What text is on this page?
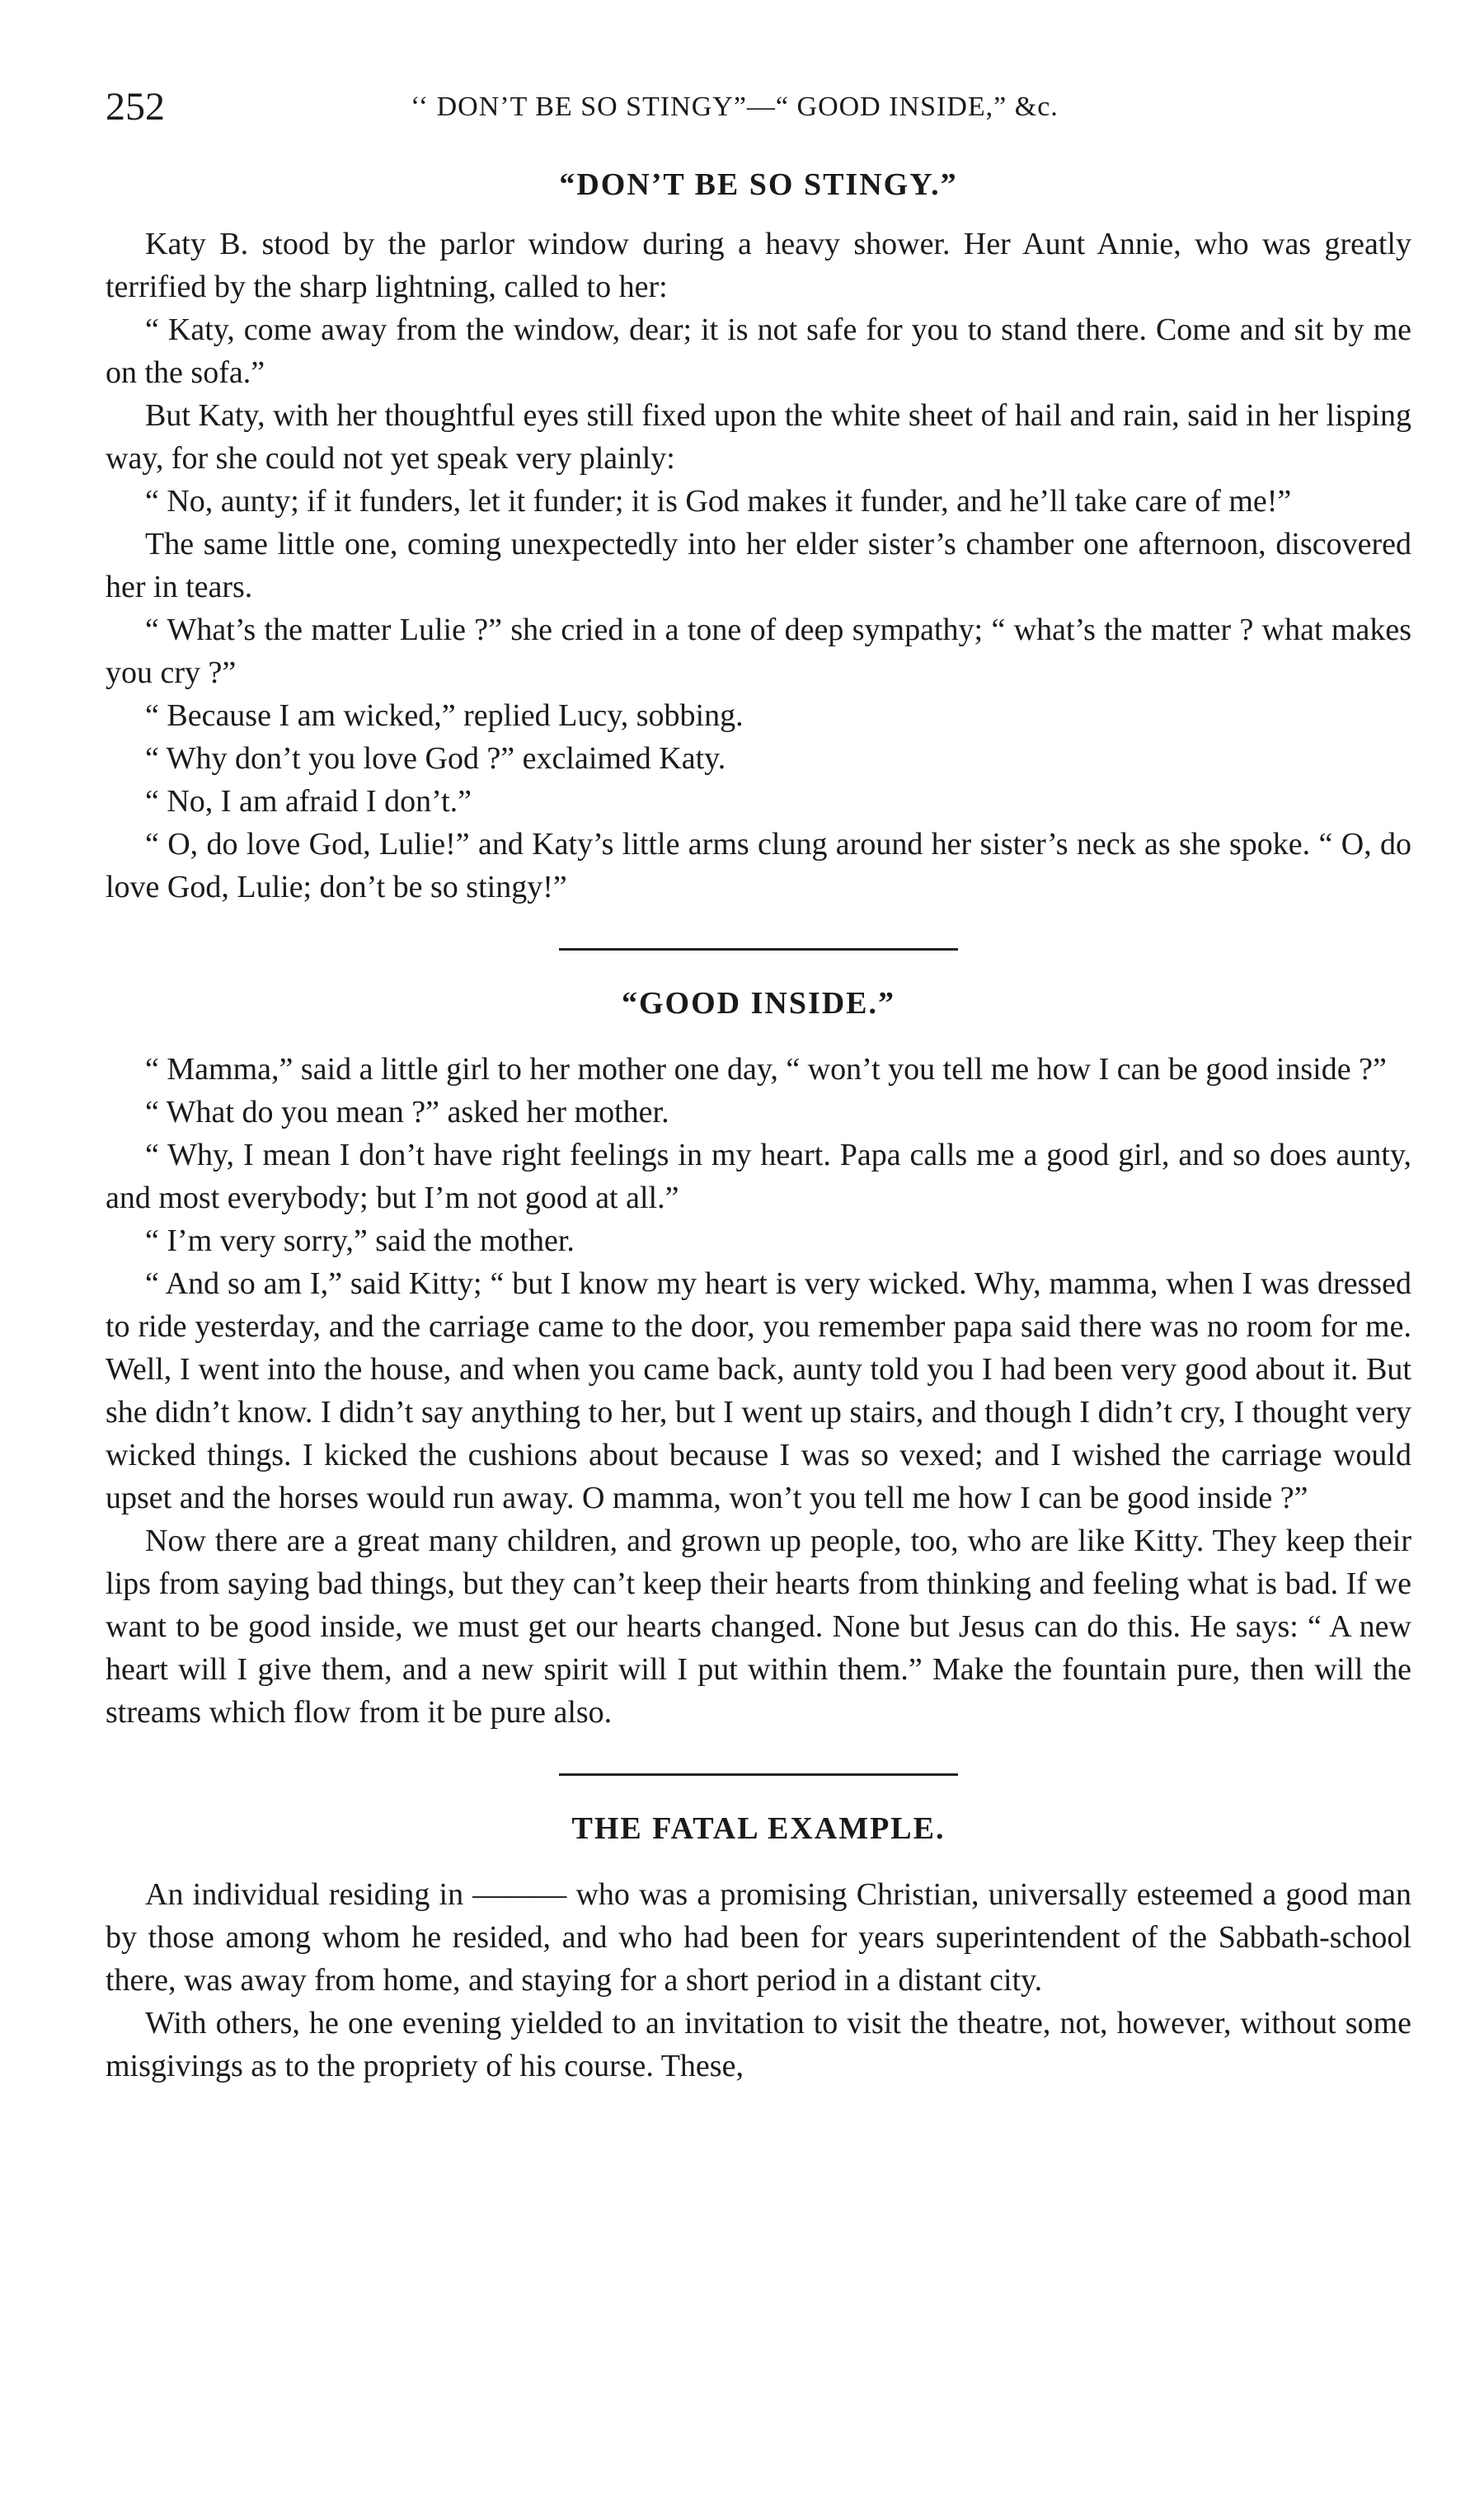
252	‘‘ DON’T BE SO STINGY”—“ GOOD INSIDE,” &c.
“DON’T BE SO STINGY.”

Katy B. stood by the parlor window during a heavy shower. Her Aunt Annie, who was greatly terrified by the sharp lightning, called to her:

“ Katy, come away from the window, dear; it is not safe for you to stand there. Come and sit by me on the sofa.”

But Katy, with her thoughtful eyes still fixed upon the white sheet of hail and rain, said in her lisping way, for she could not yet speak very plainly:

“ No, aunty; if it funders, let it funder; it is God makes it funder, and he’ll take care of me!”

The same little one, coming unexpectedly into her elder sister’s chamber one afternoon, discovered her in tears.

“ What’s the matter Lulie ?” she cried in a tone of deep sympathy; “ what’s the matter ? what makes you cry ?”

“ Because I am wicked,” replied Lucy, sobbing.

“ Why don’t you love God ?” exclaimed Katy.

“ No, I am afraid I don’t.”

“ O, do love God, Lulie!” and Katy’s little arms clung around her sister’s neck as she spoke. “ O, do love God, Lulie; don’t be so stingy!”

“GOOD INSIDE.”

“ Mamma,” said a little girl to her mother one day, “ won’t you tell me how I can be good inside ?”

“ What do you mean ?” asked her mother.

“ Why, I mean I don’t have right feelings in my heart. Papa calls me a good girl, and so does aunty, and most everybody; but I’m not good at all.”

“ I’m very sorry,” said the mother.

“ And so am I,” said Kitty; “ but I know my heart is very wicked. Why, mamma, when I was dressed to ride yesterday, and the carriage came to the door, you remember papa said there was no room for me. Well, I went into the house, and when you came back, aunty told you I had been very good about it. But she didn’t know. I didn’t say anything to her, but I went up stairs, and though I didn’t cry, I thought very wicked things. I kicked the cushions about because I was so vexed; and I wished the carriage would upset and the horses would run away. O mamma, won’t you tell me how I can be good inside ?”

Now there are a great many children, and grown up people, too, who are like Kitty. They keep their lips from saying bad things, but they can’t keep their hearts from thinking and feeling what is bad. If we want to be good inside, we must get our hearts changed. None but Jesus can do this. He says: “ A new heart will I give them, and a new spirit will I put within them.” Make the fountain pure, then will the streams which flow from it be pure also.

THE FATAL EXAMPLE.

An individual residing in ——— who was a promising Christian, universally esteemed a good man by those among whom he resided, and who had been for years superintendent of the Sabbath-school there, was away from home, and staying for a short period in a distant city.

With others, he one evening yielded to an invitation to visit the theatre, not, however, without some misgivings as to the propriety of his course. These,
